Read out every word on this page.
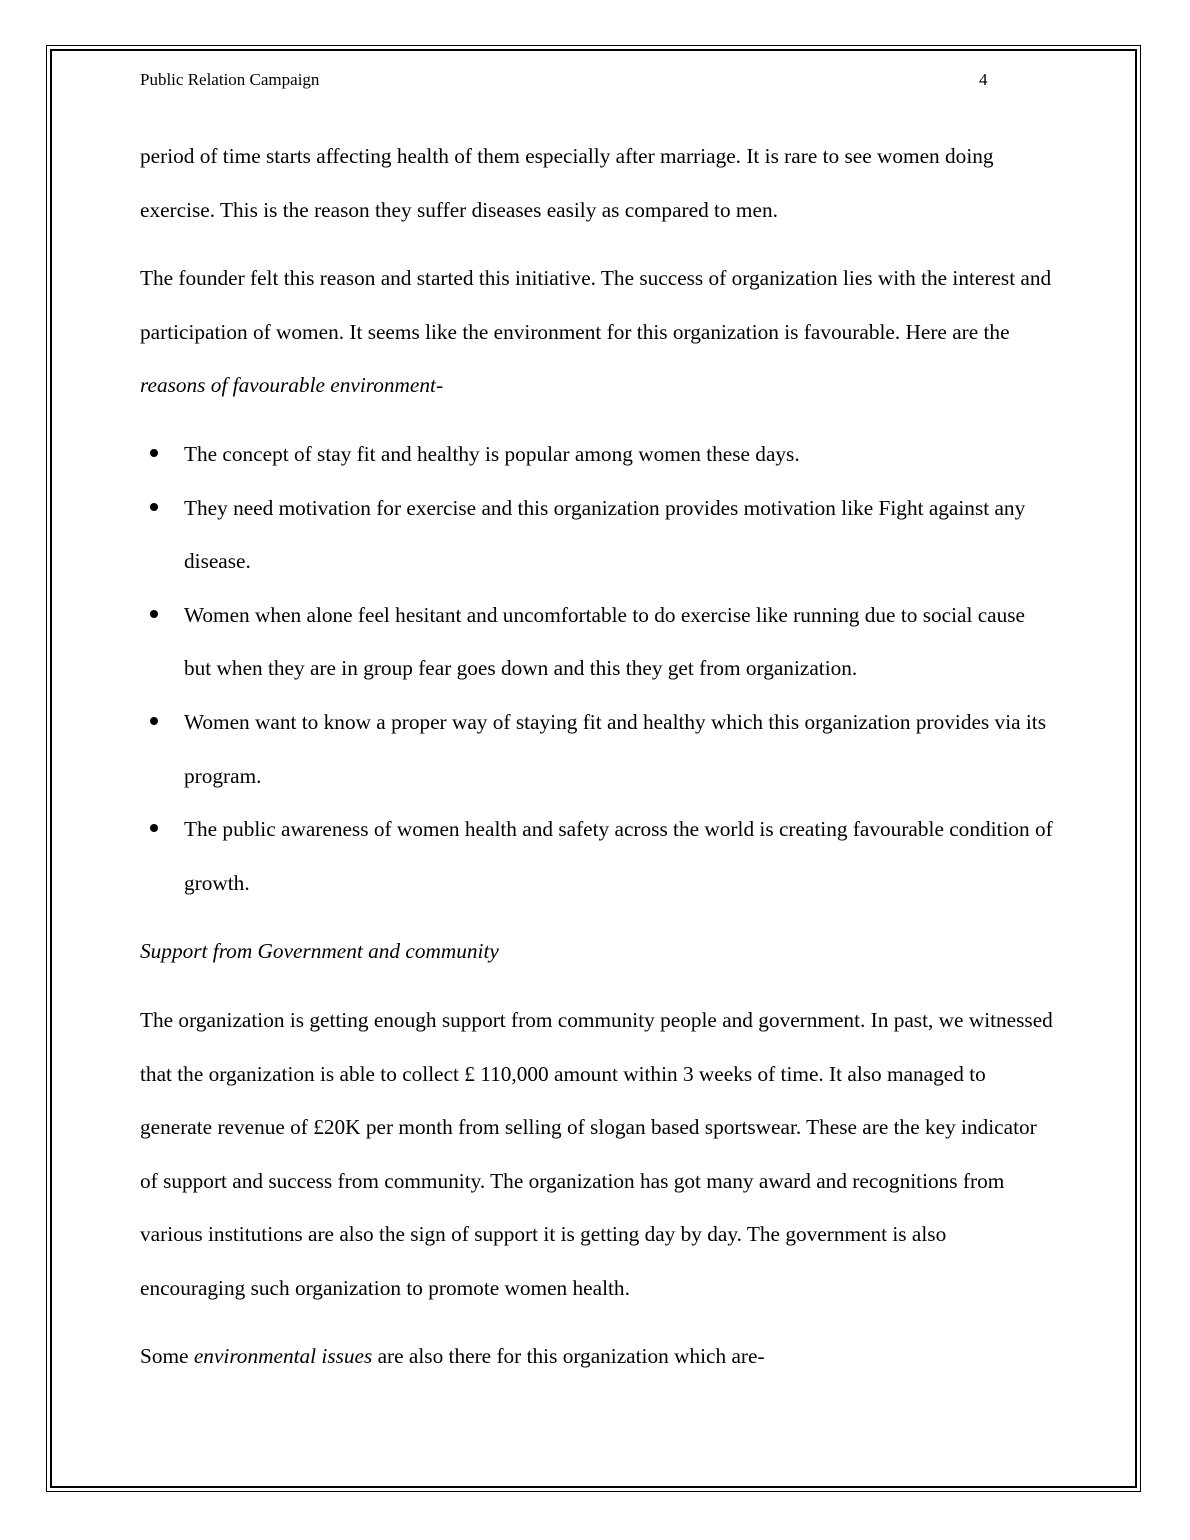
Public Relation Campaign	4

period of time starts affecting health of them especially after marriage. It is rare to see women doing exercise. This is the reason they suffer diseases easily as compared to men.

The founder felt this reason and started this initiative. The success of organization lies with the interest and participation of women. It seems like the environment for this organization is favourable. Here are the reasons of favourable environment-

The concept of stay fit and healthy is popular among women these days.
They need motivation for exercise and this organization provides motivation like Fight against any disease.
Women when alone feel hesitant and uncomfortable to do exercise like running due to social cause but when they are in group fear goes down and this they get from organization.
Women want to know a proper way of staying fit and healthy which this organization provides via its program.
The public awareness of women health and safety across the world is creating favourable condition of growth.

Support from Government and community

The organization is getting enough support from community people and government. In past, we witnessed that the organization is able to collect £ 110,000 amount within 3 weeks of time. It also managed to generate revenue of £20K per month from selling of slogan based sportswear. These are the key indicator of support and success from community. The organization has got many award and recognitions from various institutions are also the sign of support it is getting day by day. The government is also encouraging such organization to promote women health.

Some environmental issues are also there for this organization which are-
